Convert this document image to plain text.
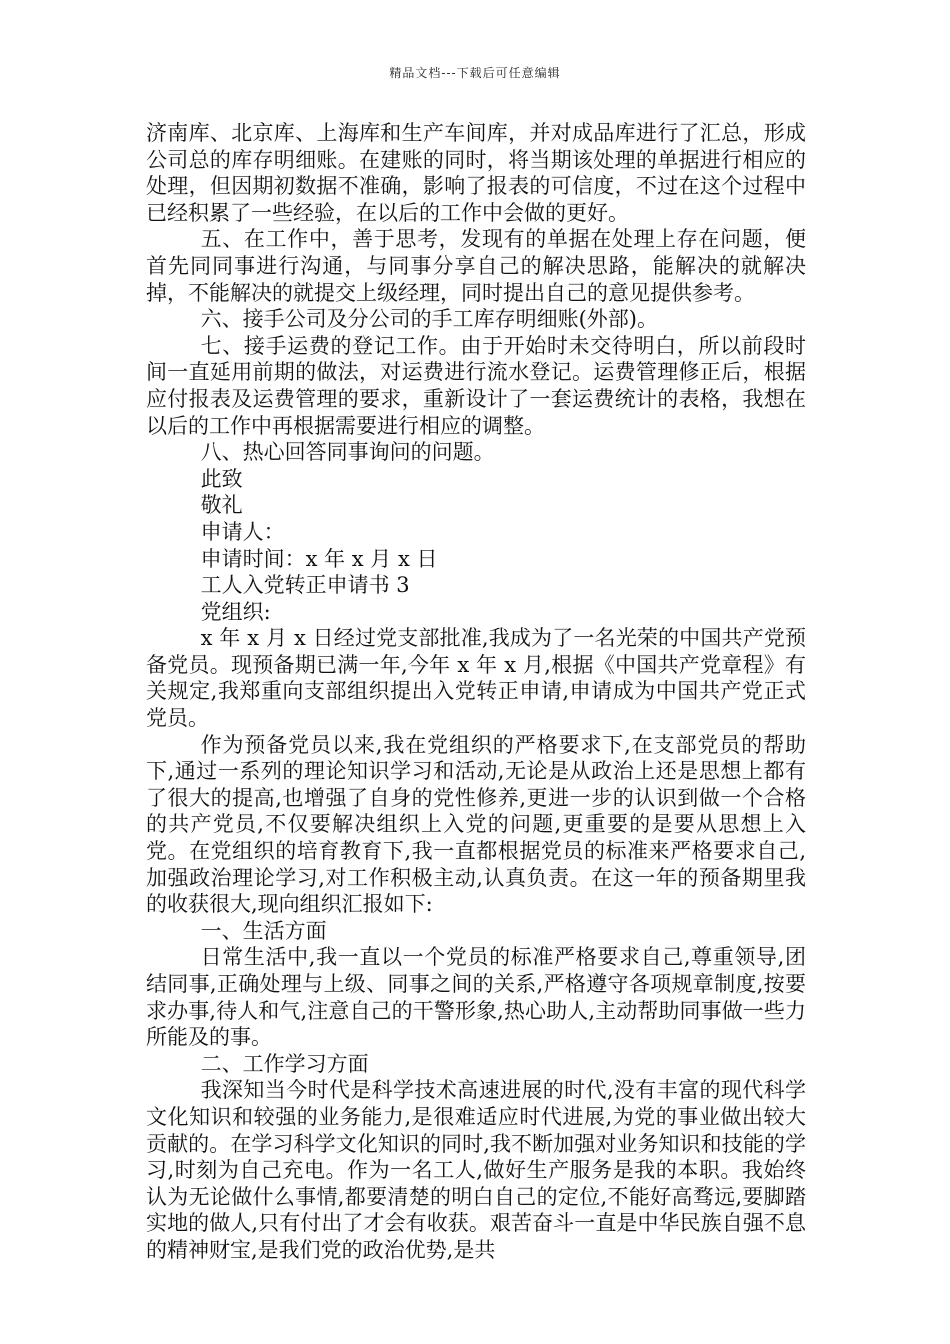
精品文档---下载后可任意编辑

济南库、北京库、上海库和生产车间库，并对成品库进行了汇总，形成公司总的库存明细账。在建账的同时，将当期该处理的单据进行相应的处理，但因期初数据不准确，影响了报表的可信度，不过在这个过程中已经积累了一些经验，在以后的工作中会做的更好。

五、在工作中，善于思考，发现有的单据在处理上存在问题，便首先同同事进行沟通，与同事分享自己的解决思路，能解决的就解决掉，不能解决的就提交上级经理，同时提出自己的意见提供参考。

六、接手公司及分公司的手工库存明细账(外部)。

七、接手运费的登记工作。由于开始时未交待明白，所以前段时间一直延用前期的做法，对运费进行流水登记。运费管理修正后，根据应付报表及运费管理的要求，重新设计了一套运费统计的表格，我想在以后的工作中再根据需要进行相应的调整。

八、热心回答同事询问的问题。

此致

敬礼

申请人：

申请时间：x 年 x 月 x 日

工人入党转正申请书 3

党组织:

x 年 x 月 x 日经过党支部批准,我成为了一名光荣的中国共产党预备党员。现预备期已满一年,今年 x 年 x 月,根据《中国共产党章程》有关规定,我郑重向支部组织提出入党转正申请,申请成为中国共产党正式党员。

作为预备党员以来,我在党组织的严格要求下,在支部党员的帮助下,通过一系列的理论知识学习和活动,无论是从政治上还是思想上都有了很大的提高,也增强了自身的党性修养,更进一步的认识到做一个合格的共产党员,不仅要解决组织上入党的问题,更重要的是要从思想上入党。在党组织的培育教育下,我一直都根据党员的标准来严格要求自己,加强政治理论学习,对工作积极主动,认真负责。在这一年的预备期里我的收获很大,现向组织汇报如下:

一、生活方面

日常生活中,我一直以一个党员的标准严格要求自己,尊重领导,团结同事,正确处理与上级、同事之间的关系,严格遵守各项规章制度,按要求办事,待人和气,注意自己的干警形象,热心助人,主动帮助同事做一些力所能及的事。

二、工作学习方面

我深知当今时代是科学技术高速进展的时代,没有丰富的现代科学文化知识和较强的业务能力,是很难适应时代进展,为党的事业做出较大贡献的。在学习科学文化知识的同时,我不断加强对业务知识和技能的学习,时刻为自己充电。作为一名工人,做好生产服务是我的本职。我始终认为无论做什么事情,都要清楚的明白自己的定位,不能好高骛远,要脚踏实地的做人,只有付出了才会有收获。艰苦奋斗一直是中华民族自强不息的精神财宝,是我们党的政治优势,是共
